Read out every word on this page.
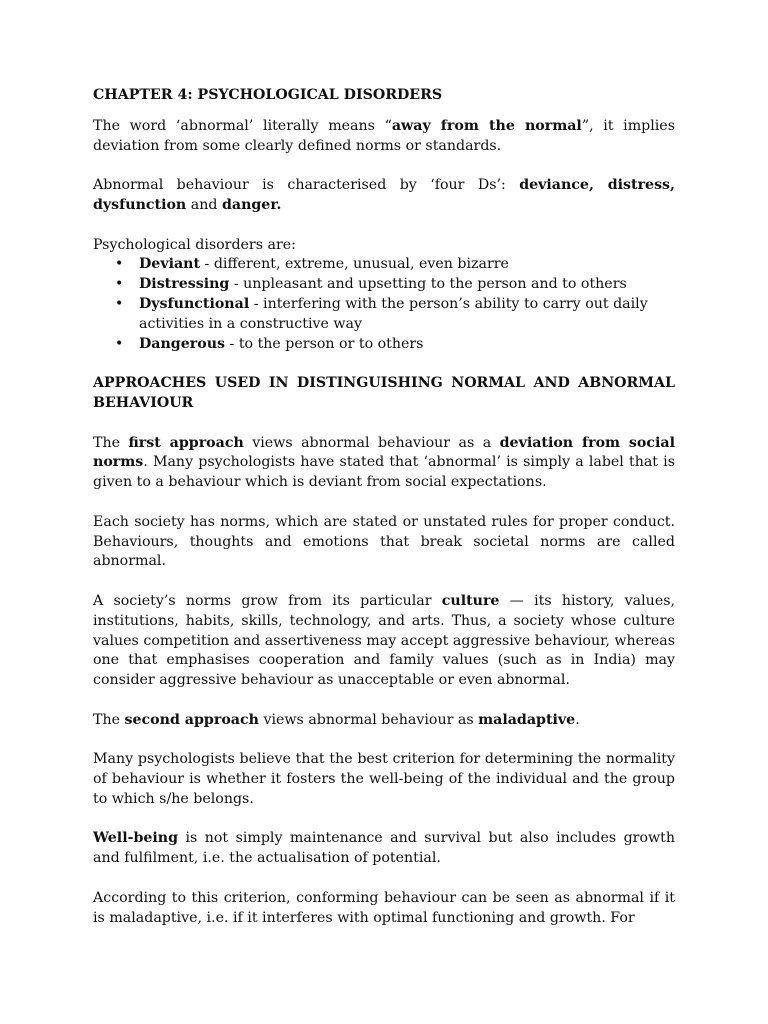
CHAPTER 4: PSYCHOLOGICAL DISORDERS

The word ‘abnormal’ literally means “away from the normal”, it implies deviation from some clearly defined norms or standards.

Abnormal behaviour is characterised by ‘four Ds’: deviance, distress, dysfunction and danger.

Psychological disorders are:

• Deviant - different, extreme, unusual, even bizarre
• Distressing - unpleasant and upsetting to the person and to others
• Dysfunctional - interfering with the person’s ability to carry out daily activities in a constructive way
• Dangerous - to the person or to others

APPROACHES USED IN DISTINGUISHING NORMAL AND ABNORMAL BEHAVIOUR

The first approach views abnormal behaviour as a deviation from social norms. Many psychologists have stated that ‘abnormal’ is simply a label that is given to a behaviour which is deviant from social expectations.

Each society has norms, which are stated or unstated rules for proper conduct. Behaviours, thoughts and emotions that break societal norms are called abnormal.

A society’s norms grow from its particular culture — its history, values, institutions, habits, skills, technology, and arts. Thus, a society whose culture values competition and assertiveness may accept aggressive behaviour, whereas one that emphasises cooperation and family values (such as in India) may consider aggressive behaviour as unacceptable or even abnormal.

The second approach views abnormal behaviour as maladaptive.

Many psychologists believe that the best criterion for determining the normality of behaviour is whether it fosters the well-being of the individual and the group to which s/he belongs.

Well-being is not simply maintenance and survival but also includes growth and fulfilment, i.e. the actualisation of potential.

According to this criterion, conforming behaviour can be seen as abnormal if it is maladaptive, i.e. if it interferes with optimal functioning and growth. For
